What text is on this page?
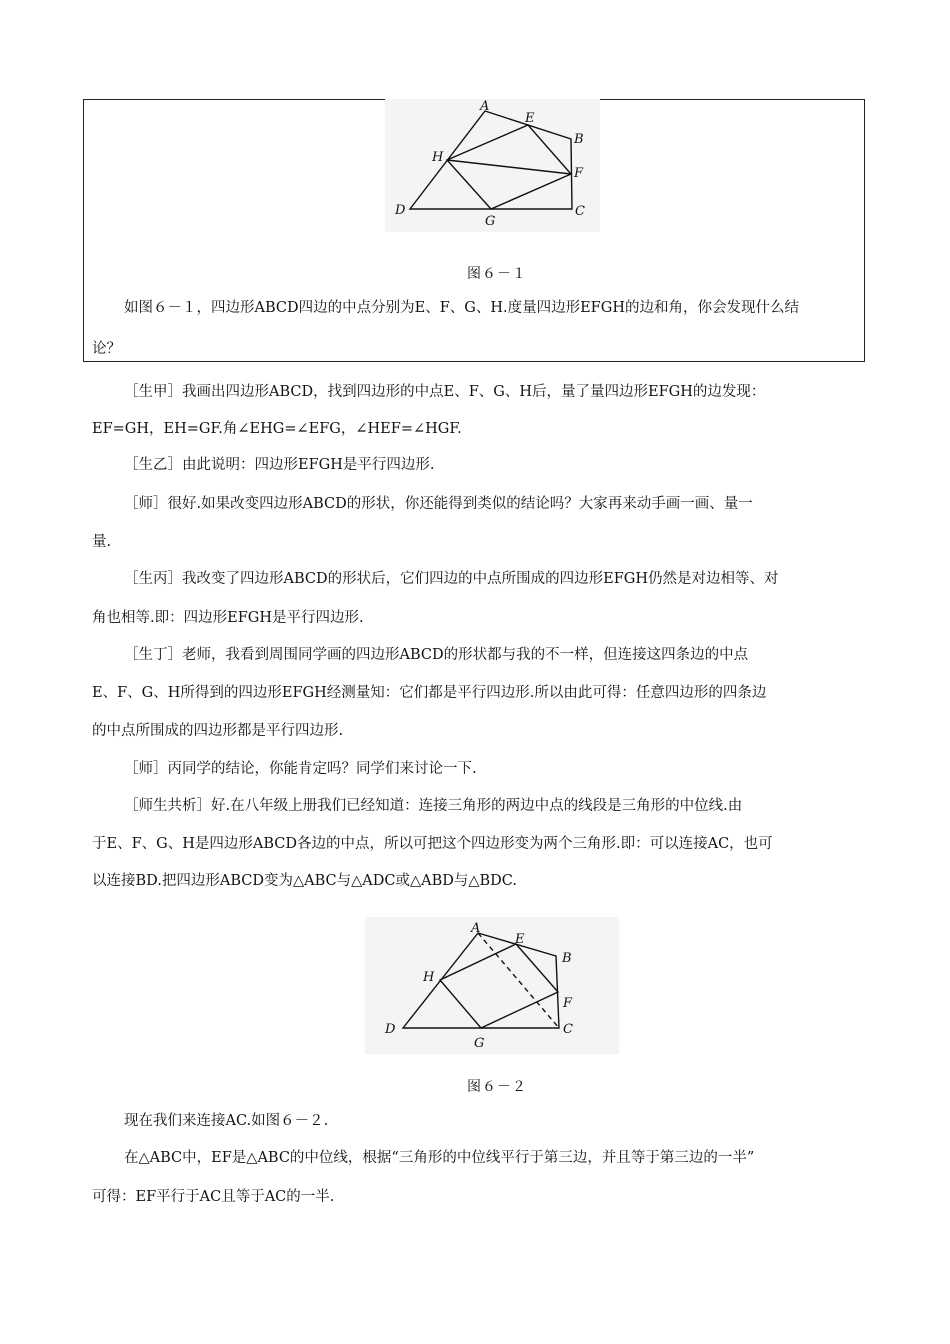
A
E
B
H
F
D
G
C
图６－１
如图６－１，四边形ABCD四边的中点分别为E、F、G、H.度量四边形EFGH的边和角，你会发现什么结
论？
［生甲］我画出四边形ABCD，找到四边形的中点E、F、G、H后，量了量四边形EFGH的边发现：
EF=GH，EH=GF.角∠EHG=∠EFG，∠HEF=∠HGF.
［生乙］由此说明：四边形EFGH是平行四边形.
［师］很好.如果改变四边形ABCD的形状，你还能得到类似的结论吗？大家再来动手画一画、量一
量.
［生丙］我改变了四边形ABCD的形状后，它们四边的中点所围成的四边形EFGH仍然是对边相等、对
角也相等.即：四边形EFGH是平行四边形.
［生丁］老师，我看到周围同学画的四边形ABCD的形状都与我的不一样，但连接这四条边的中点
E、F、G、H所得到的四边形EFGH经测量知：它们都是平行四边形.所以由此可得：任意四边形的四条边
的中点所围成的四边形都是平行四边形.
［师］丙同学的结论，你能肯定吗？同学们来讨论一下.
［师生共析］好.在八年级上册我们已经知道：连接三角形的两边中点的线段是三角形的中位线.由
于E、F、G、H是四边形ABCD各边的中点，所以可把这个四边形变为两个三角形.即：可以连接AC，也可
以连接BD.把四边形ABCD变为△ABC与△ADC或△ABD与△BDC.
A
E
B
H
F
D
G
C
图６－２
现在我们来连接AC.如图６－２.
在△ABC中，EF是△ABC的中位线，根据“三角形的中位线平行于第三边，并且等于第三边的一半”
可得：EF平行于AC且等于AC的一半.
